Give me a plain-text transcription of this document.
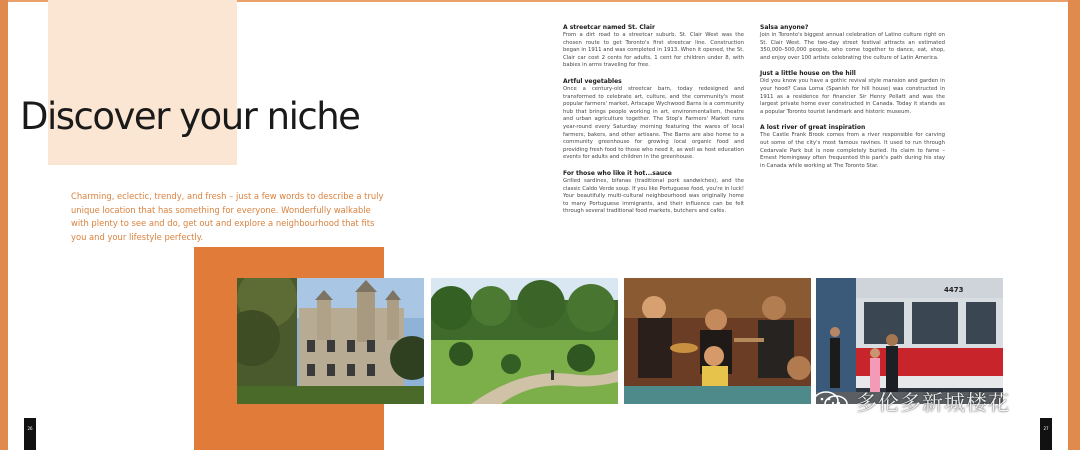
Discover your niche

Charming, eclectic, trendy, and fresh – just a few words to describe a truly unique location that has something for everyone. Wonderfully walkable with plenty to see and do, get out and explore a neighbourhood that fits you and your lifestyle perfectly.

A streetcar named St. Clair

From a dirt road to a streetcar suburb, St. Clair West was the chosen route to get Toronto's first streetcar line. Construction began in 1911 and was completed in 1913. When it opened, the St. Clair car cost 2 cents for adults, 1 cent for children under 8, with babies in arms traveling for free.

Artful vegetables

Once a century-old streetcar barn, today redesigned and transformed to celebrate art, culture, and the community's most popular farmers' market, Artscape Wychwood Barns is a community hub that brings people working in art, environmentalism, theatre and urban agriculture together. The Stop's Farmers' Market runs year-round every Saturday morning featuring the wares of local farmers, bakers, and other artisans. The Barns are also home to a community greenhouse for growing local organic food and providing fresh food to those who need it, as well as host education events for adults and children in the greenhouse.

For those who like it hot...sauce

Grilled sardines, bifanas (traditional pork sandwiches), and the classic Caldo Verde soup. If you like Portuguese food, you're in luck! Your beautifully multi-cultural neighbourhood was originally home to many Portuguese immigrants, and their influence can be felt through several traditional food markets, butchers and cafés.

Salsa anyone?

Join in Toronto's biggest annual celebration of Latino culture right on St. Clair West. The two-day street festival attracts an estimated 350,000–500,000 people, who come together to dance, eat, shop, and enjoy over 100 artists celebrating the culture of Latin America.

Just a little house on the hill

Did you know you have a gothic revival style mansion and garden in your hood? Casa Loma (Spanish for hill house) was constructed in 1911 as a residence for financier Sir Henry Pellatt and was the largest private home ever constructed in Canada. Today it stands as a popular Toronto tourist landmark and historic museum.

A lost river of great inspiration

The Castle Frank Brook comes from a river responsible for carving out some of the city's most famous ravines. It used to run through Cedarvale Park but is now completely buried. Its claim to fame – Ernest Hemingway often frequented this park's path during his stay in Canada while working at The Toronto Star.

4473
26	27
多伦多新城楼花
